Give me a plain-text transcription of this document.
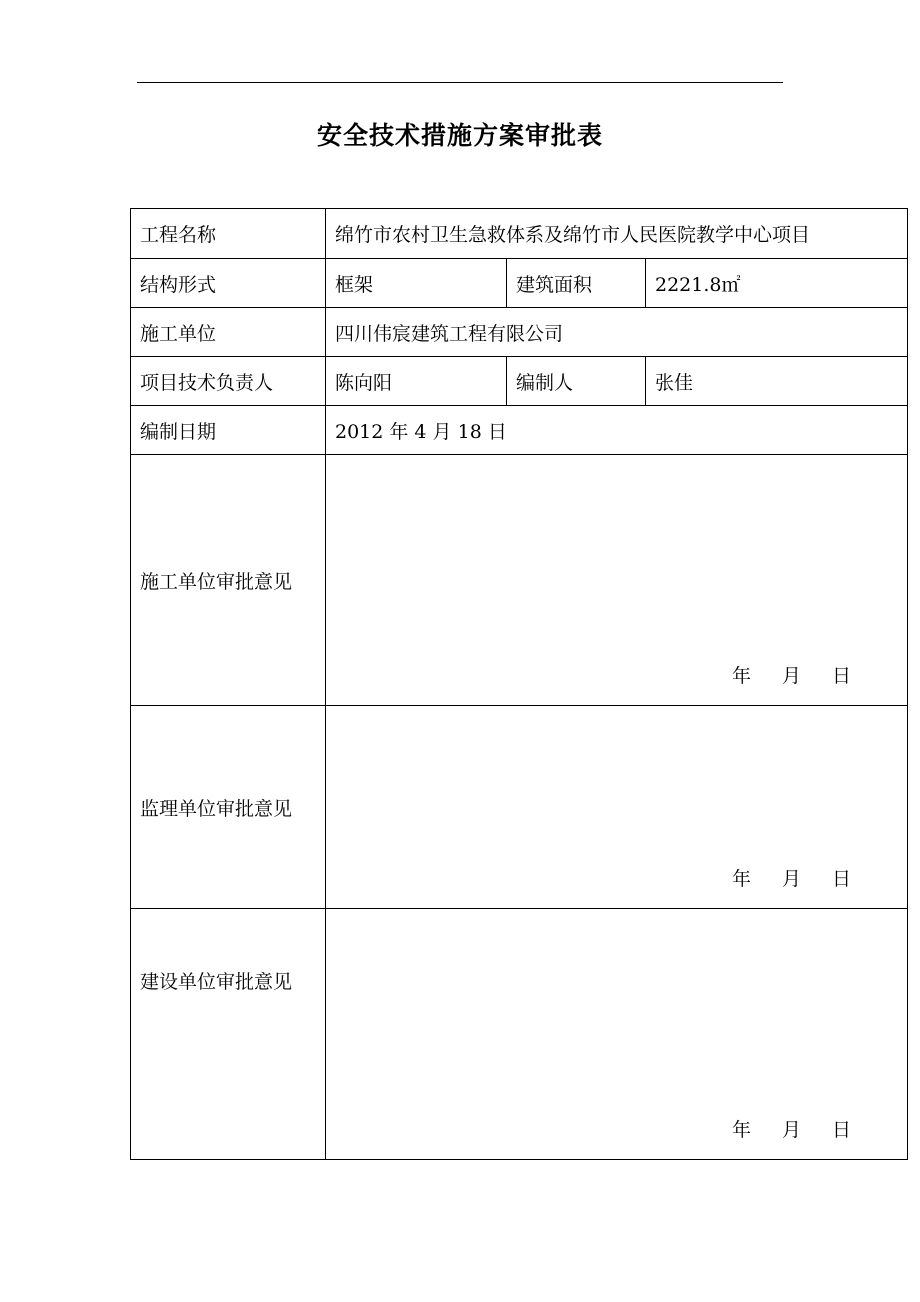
安全技术措施方案审批表
工程名称	绵竹市农村卫生急救体系及绵竹市人民医院教学中心项目		
结构形式	框架	建筑面积	2221.8㎡
施工单位	四川伟宸建筑工程有限公司		
项目技术负责人	陈向阳	编制人	张佳
编制日期	2012 年 4 月 18 日		
施工单位审批意见	年 月 日		

监理单位审批意见	年 月 日		

建设单位审批意见	年 月 日		
